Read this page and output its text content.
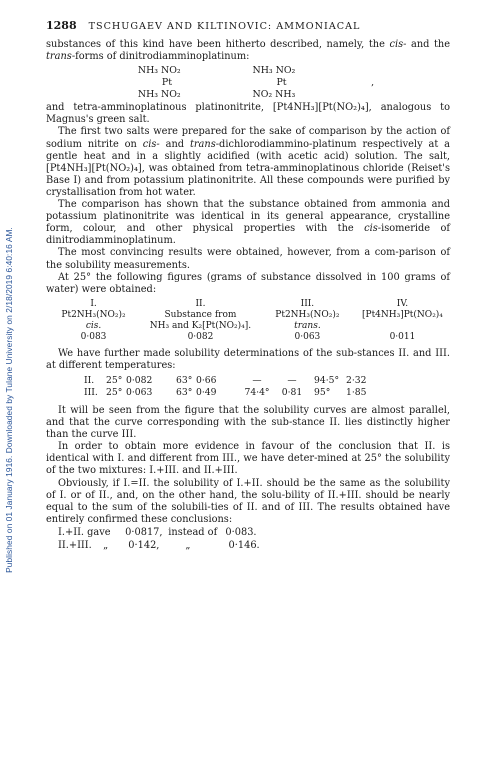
Published on 01 January 1916. Downloaded by Tulane University on 2/18/2019 6:40:16 AM.
1288 TSCHUGAEV AND KILTINOVIC: AMMONIACAL

substances of this kind have been hitherto described, namely, the cis- and the trans-forms of dinitrodiamminoplatinum:

NH₃ NO₂
Pt
NH₃ NO₂
NH₃ NO₂
Pt
NO₂ NH₃
,

and tetra-amminoplatinous platinonitrite, [Pt4NH₃][Pt(NO₂)₄], analogous to Magnus's green salt.

The first two salts were prepared for the sake of comparison by the action of sodium nitrite on cis- and trans-dichlorodiammino-platinum respectively at a gentle heat and in a slightly acidified (with acetic acid) solution. The salt, [Pt4NH₃][Pt(NO₂)₄], was obtained from tetra-amminoplatinous chloride (Reiset's Base I) and from potassium platinonitrite. All these compounds were purified by crystallisation from hot water.

The comparison has shown that the substance obtained from ammonia and potassium platinonitrite was identical in its general appearance, crystalline form, colour, and other physical properties with the cis-isomeride of dinitrodiamminoplatinum.

The most convincing results were obtained, however, from a com-parison of the solubility measurements.

At 25° the following figures (grams of substance dissolved in 100 grams of water) were obtained:

I.	II.	III.	IV.
Pt2NH₃(NO₂)₂	Substance from	Pt2NH₃(NO₂)₂	[Pt4NH₃]Pt(NO₂)₄
cis.	NH₃ and K₂[Pt(NO₂)₄].	trans.
0·083	0·082	0·063	0·011

We have further made solubility determinations of the sub-stances II. and III. at different temperatures:

II.	25° 0·082	63° 0·66	—	—	94·5° 2·32
III. 25° 0·063	63° 0·49	74·4°	0·81	95°	1·85

It will be seen from the figure that the solubility curves are almost parallel, and that the curve corresponding with the sub-stance II. lies distinctly higher than the curve III.

In order to obtain more evidence in favour of the conclusion that II. is identical with I. and different from III., we have deter-mined at 25° the solubility of the two mixtures: I.+III. and II.+III.

Obviously, if I.=II. the solubility of I.+II. should be the same as the solubility of I. or of II., and, on the other hand, the solu-bility of II.+III. should be nearly equal to the sum of the solubili-ties of II. and of III. The results obtained have entirely confirmed these conclusions:

I.+II. gave 0·0817, instead of 0·083.
II.+III. „ 0·142,	„	0·146.
